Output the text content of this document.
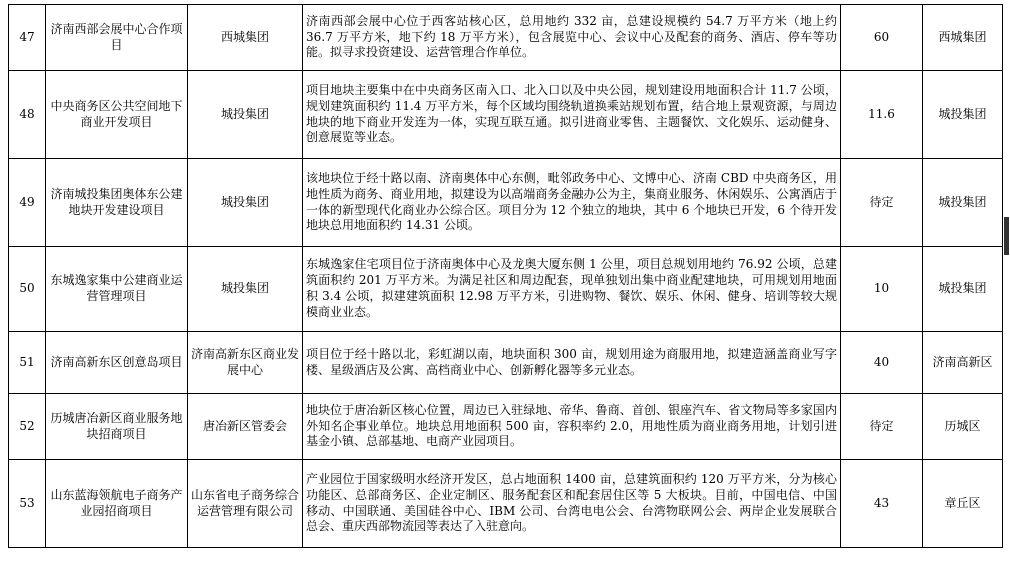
47	济南西部会展中心合作项目	西城集团	济南西部会展中心位于西客站核心区，总用地约 332 亩，总建设规模约 54.7 万平方米（地上约 36.7 万平方米，地下约 18 万平方米），包含展览中心、会议中心及配套的商务、酒店、停车等功能。拟寻求投资建设、运营管理合作单位。	60	西城集团
48	中央商务区公共空间地下商业开发项目	城投集团	项目地块主要集中在中央商务区南入口、北入口以及中央公园，规划建设用地面积合计 11.7 公顷，规划建筑面积约 11.4 万平方米，每个区域均围绕轨道换乘站规划布置，结合地上景观资源，与周边地块的地下商业开发连为一体，实现互联互通。拟引进商业零售、主题餐饮、文化娱乐、运动健身、创意展览等业态。	11.6	城投集团
49	济南城投集团奥体东公建地块开发建设项目	城投集团	该地块位于经十路以南、济南奥体中心东侧，毗邻政务中心、文博中心、济南 CBD 中央商务区，用地性质为商务、商业用地，拟建设为以高端商务金融办公为主，集商业服务、休闲娱乐、公寓酒店于一体的新型现代化商业办公综合区。项目分为 12 个独立的地块，其中 6 个地块已开发，6 个待开发地块总用地面积约 14.31 公顷。	待定	城投集团
50	东城逸家集中公建商业运营管理项目	城投集团	东城逸家住宅项目位于济南奥体中心及龙奥大厦东侧 1 公里，项目总规划用地约 76.92 公顷，总建筑面积约 201 万平方米。为满足社区和周边配套，现单独划出集中商业配建地块，可用规划用地面积 3.4 公顷，拟建建筑面积 12.98 万平方米，引进购物、餐饮、娱乐、休闲、健身、培训等较大规模商业业态。	10	城投集团
51	济南高新东区创意岛项目	济南高新东区商业发展中心	项目位于经十路以北，彩虹湖以南，地块面积 300 亩，规划用途为商服用地，拟建造涵盖商业写字楼、星级酒店及公寓、高档商业中心、创新孵化器等多元业态。	40	济南高新区
52	历城唐冶新区商业服务地块招商项目	唐冶新区管委会	地块位于唐冶新区核心位置，周边已入驻绿地、帝华、鲁商、首创、银座汽车、省文物局等多家国内外知名企事业单位。地块总用地面积 500 亩，容积率约 2.0，用地性质为商业商务用地，计划引进基金小镇、总部基地、电商产业园项目。	待定	历城区
53	山东蓝海领航电子商务产业园招商项目	山东省电子商务综合运营管理有限公司	产业园位于国家级明水经济开发区，总占地面积 1400 亩，总建筑面积约 120 万平方米，分为核心功能区、总部商务区、企业定制区、服务配套区和配套居住区等 5 大板块。目前，中国电信、中国移动、中国联通、美国硅谷中心、IBM 公司、台湾电电公会、台湾物联网公会、两岸企业发展联合总会、重庆西部物流园等表达了入驻意向。	43	章丘区
